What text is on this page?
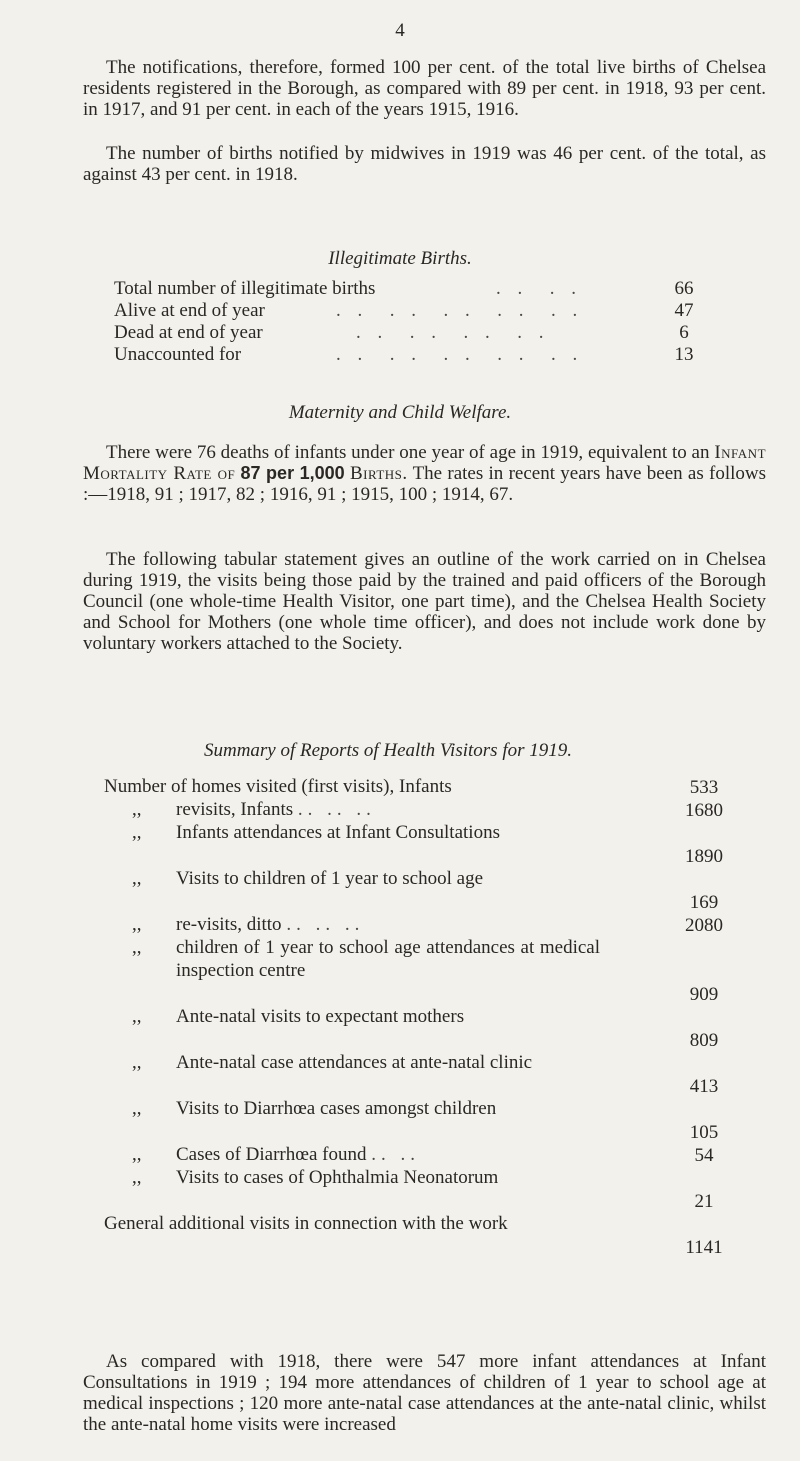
4

The notifications, therefore, formed 100 per cent. of the total live births of Chelsea residents registered in the Borough, as compared with 89 per cent. in 1918, 93 per cent. in 1917, and 91 per cent. in each of the years 1915, 1916.

The number of births notified by midwives in 1919 was 46 per cent. of the total, as against 43 per cent. in 1918.

Illegitimate Births.
Total number of illegitimate births	. .  . .	66
Alive at end of year	. .  . .  . .  . .  . .	47
Dead at end of year	. .  . .  . .  . .	6
Unaccounted for	. .  . .  . .  . .  . .	13
Maternity and Child Welfare.

There were 76 deaths of infants under one year of age in 1919, equivalent to an Infant Mortality Rate of 87 per 1,000 Births. The rates in recent years have been as follows :—1918, 91 ; 1917, 82 ; 1916, 91 ; 1915, 100 ; 1914, 67.

The following tabular statement gives an outline of the work carried on in Chelsea during 1919, the visits being those paid by the trained and paid officers of the Borough Council (one whole-time Health Visitor, one part time), and the Chelsea Health Society and School for Mothers (one whole time officer), and does not include work done by voluntary workers attached to the Society.

Summary of Reports of Health Visitors for 1919.
Number of homes visited (first visits), Infants	533
,, revisits, Infants .. .. ..	1680
,, Infants attendances at Infant Consultations
1890
,, Visits to children of 1 year to school age
169
,, re-visits, ditto .. .. ..	2080
,, children of 1 year to school age attendances at medical inspection centre
909
,, Ante-natal visits to expectant mothers
809
,, Ante-natal case attendances at ante-natal clinic
413
,, Visits to Diarrhœa cases amongst children
105
,, Cases of Diarrhœa found .. ..	54
,, Visits to cases of Ophthalmia Neonatorum
21
General additional visits in connection with the work
1141

As compared with 1918, there were 547 more infant attendances at Infant Consultations in 1919 ; 194 more attendances of children of 1 year to school age at medical inspections ; 120 more ante-natal case attendances at the ante-natal clinic, whilst the ante-natal home visits were increased
